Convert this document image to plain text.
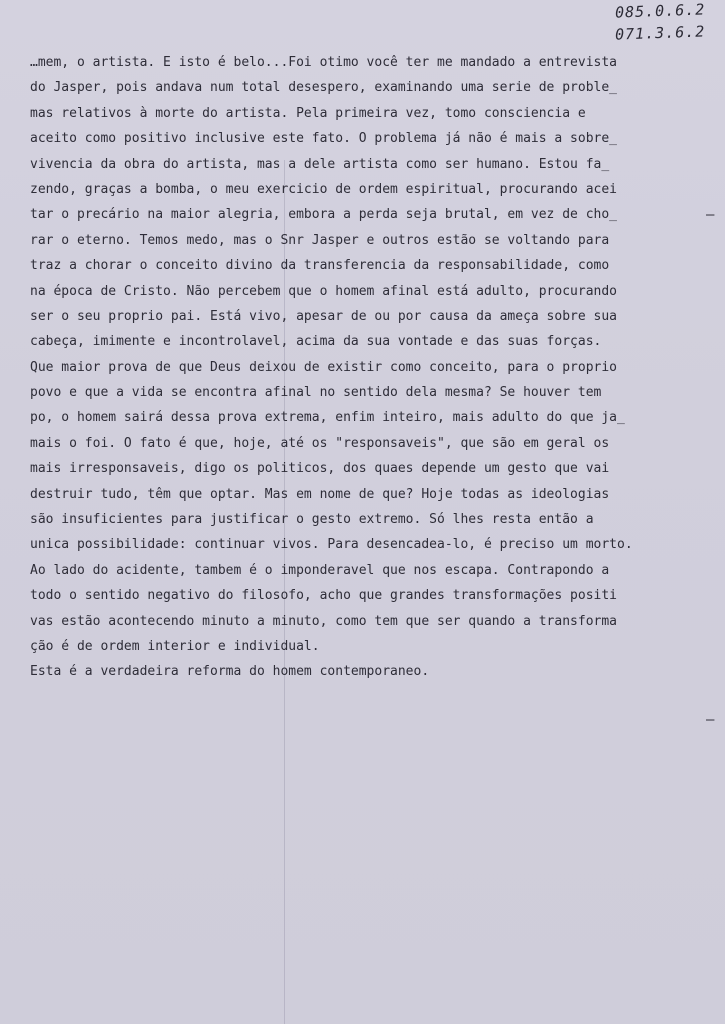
085.0.6.2
071.3.6.2
…mem, o artista. E isto é belo...Foi otimo você ter me mandado a entrevista
do Jasper, pois andava num total desespero, examinando uma serie de proble_
mas relativos à morte do artista. Pela primeira vez, tomo consciencia e
aceito como positivo inclusive este fato. O problema já não é mais a sobre_
vivencia da obra do artista, mas a dele artista como ser humano. Estou fa_
zendo, graças a bomba, o meu exercicio de ordem espiritual, procurando acei
tar o precário na maior alegria, embora a perda seja brutal, em vez de cho_
rar o eterno. Temos medo, mas o Snr Jasper e outros estão se voltando para
traz a chorar o conceito divino da transferencia da responsabilidade, como
na época de Cristo. Não percebem que o homem afinal está adulto, procurando
ser o seu proprio pai. Está vivo, apesar de ou por causa da ameça sobre sua
cabeça, imimente e incontrolavel, acima da sua vontade e das suas forças.
Que maior prova de que Deus deixou de existir como conceito, para o proprio
povo e que a vida se encontra afinal no sentido dela mesma? Se houver tem
po, o homem sairá dessa prova extrema, enfim inteiro, mais adulto do que ja_
mais o foi. O fato é que, hoje, até os "responsaveis", que são em geral os
mais irresponsaveis, digo os politicos, dos quaes depende um gesto que vai
destruir tudo, têm que optar. Mas em nome de que? Hoje todas as ideologias
são insuficientes para justificar o gesto extremo. Só lhes resta então a
unica possibilidade: continuar vivos. Para desencadea-lo, é preciso um morto.
Ao lado do acidente, tambem é o imponderavel que nos escapa. Contrapondo a
todo o sentido negativo do filosofo, acho que grandes transformações positi
vas estão acontecendo minuto a minuto, como tem que ser quando a transforma
ção é de ordem interior e individual.
Esta é a verdadeira reforma do homem contemporaneo.
—
—
